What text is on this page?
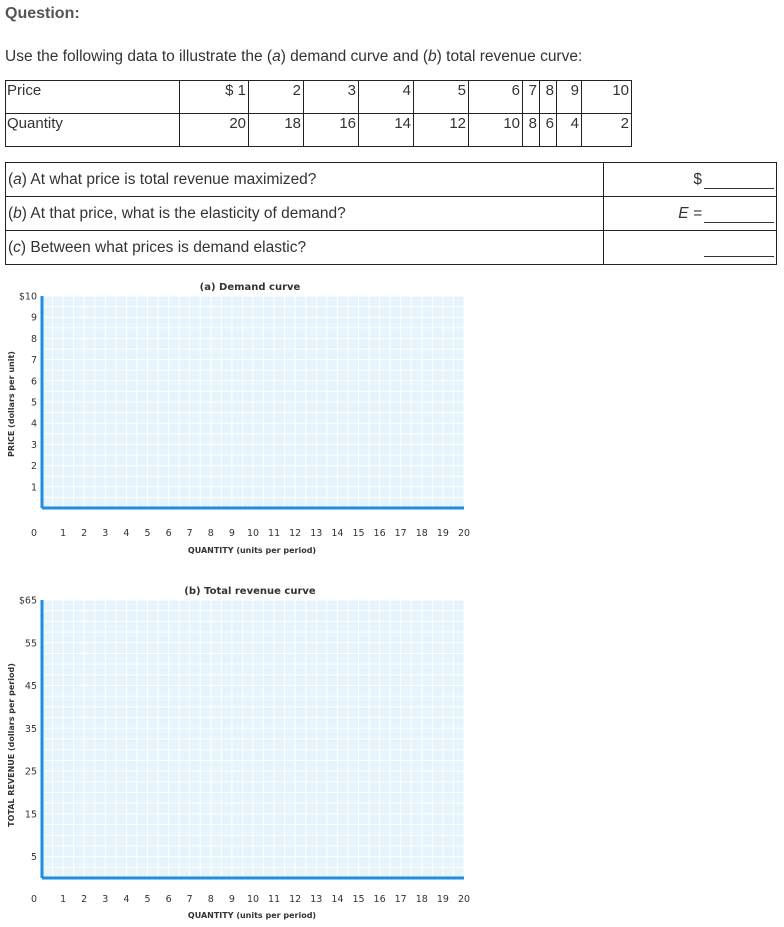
Question:
Use the following data to illustrate the (a) demand curve and (b) total revenue curve:
Price	$ 1	2	3	4	5	6	7	8	9	10
Quantity	20	18	16	14	12	10	8	6	4	2
(a) At what price is total revenue maximized?	$
(b) At that price, what is the elasticity of demand?	E =
(c) Between what prices is demand elastic?	
(a) Demand curve
1
2
3
4
5
6
7
8
9
$10
0 1 2 3 4 5 6 7 8 9 10 11 12 13 14 15 16 17 18 19 20
QUANTITY (units per period)
PRICE (dollars per unit)
(b) Total revenue curve
5
15
25
35
45
55
$65
0 1 2 3 4 5 6 7 8 9 10 11 12 13 14 15 16 17 18 19 20
QUANTITY (units per period)
TOTAL REVENUE (dollars per period)
